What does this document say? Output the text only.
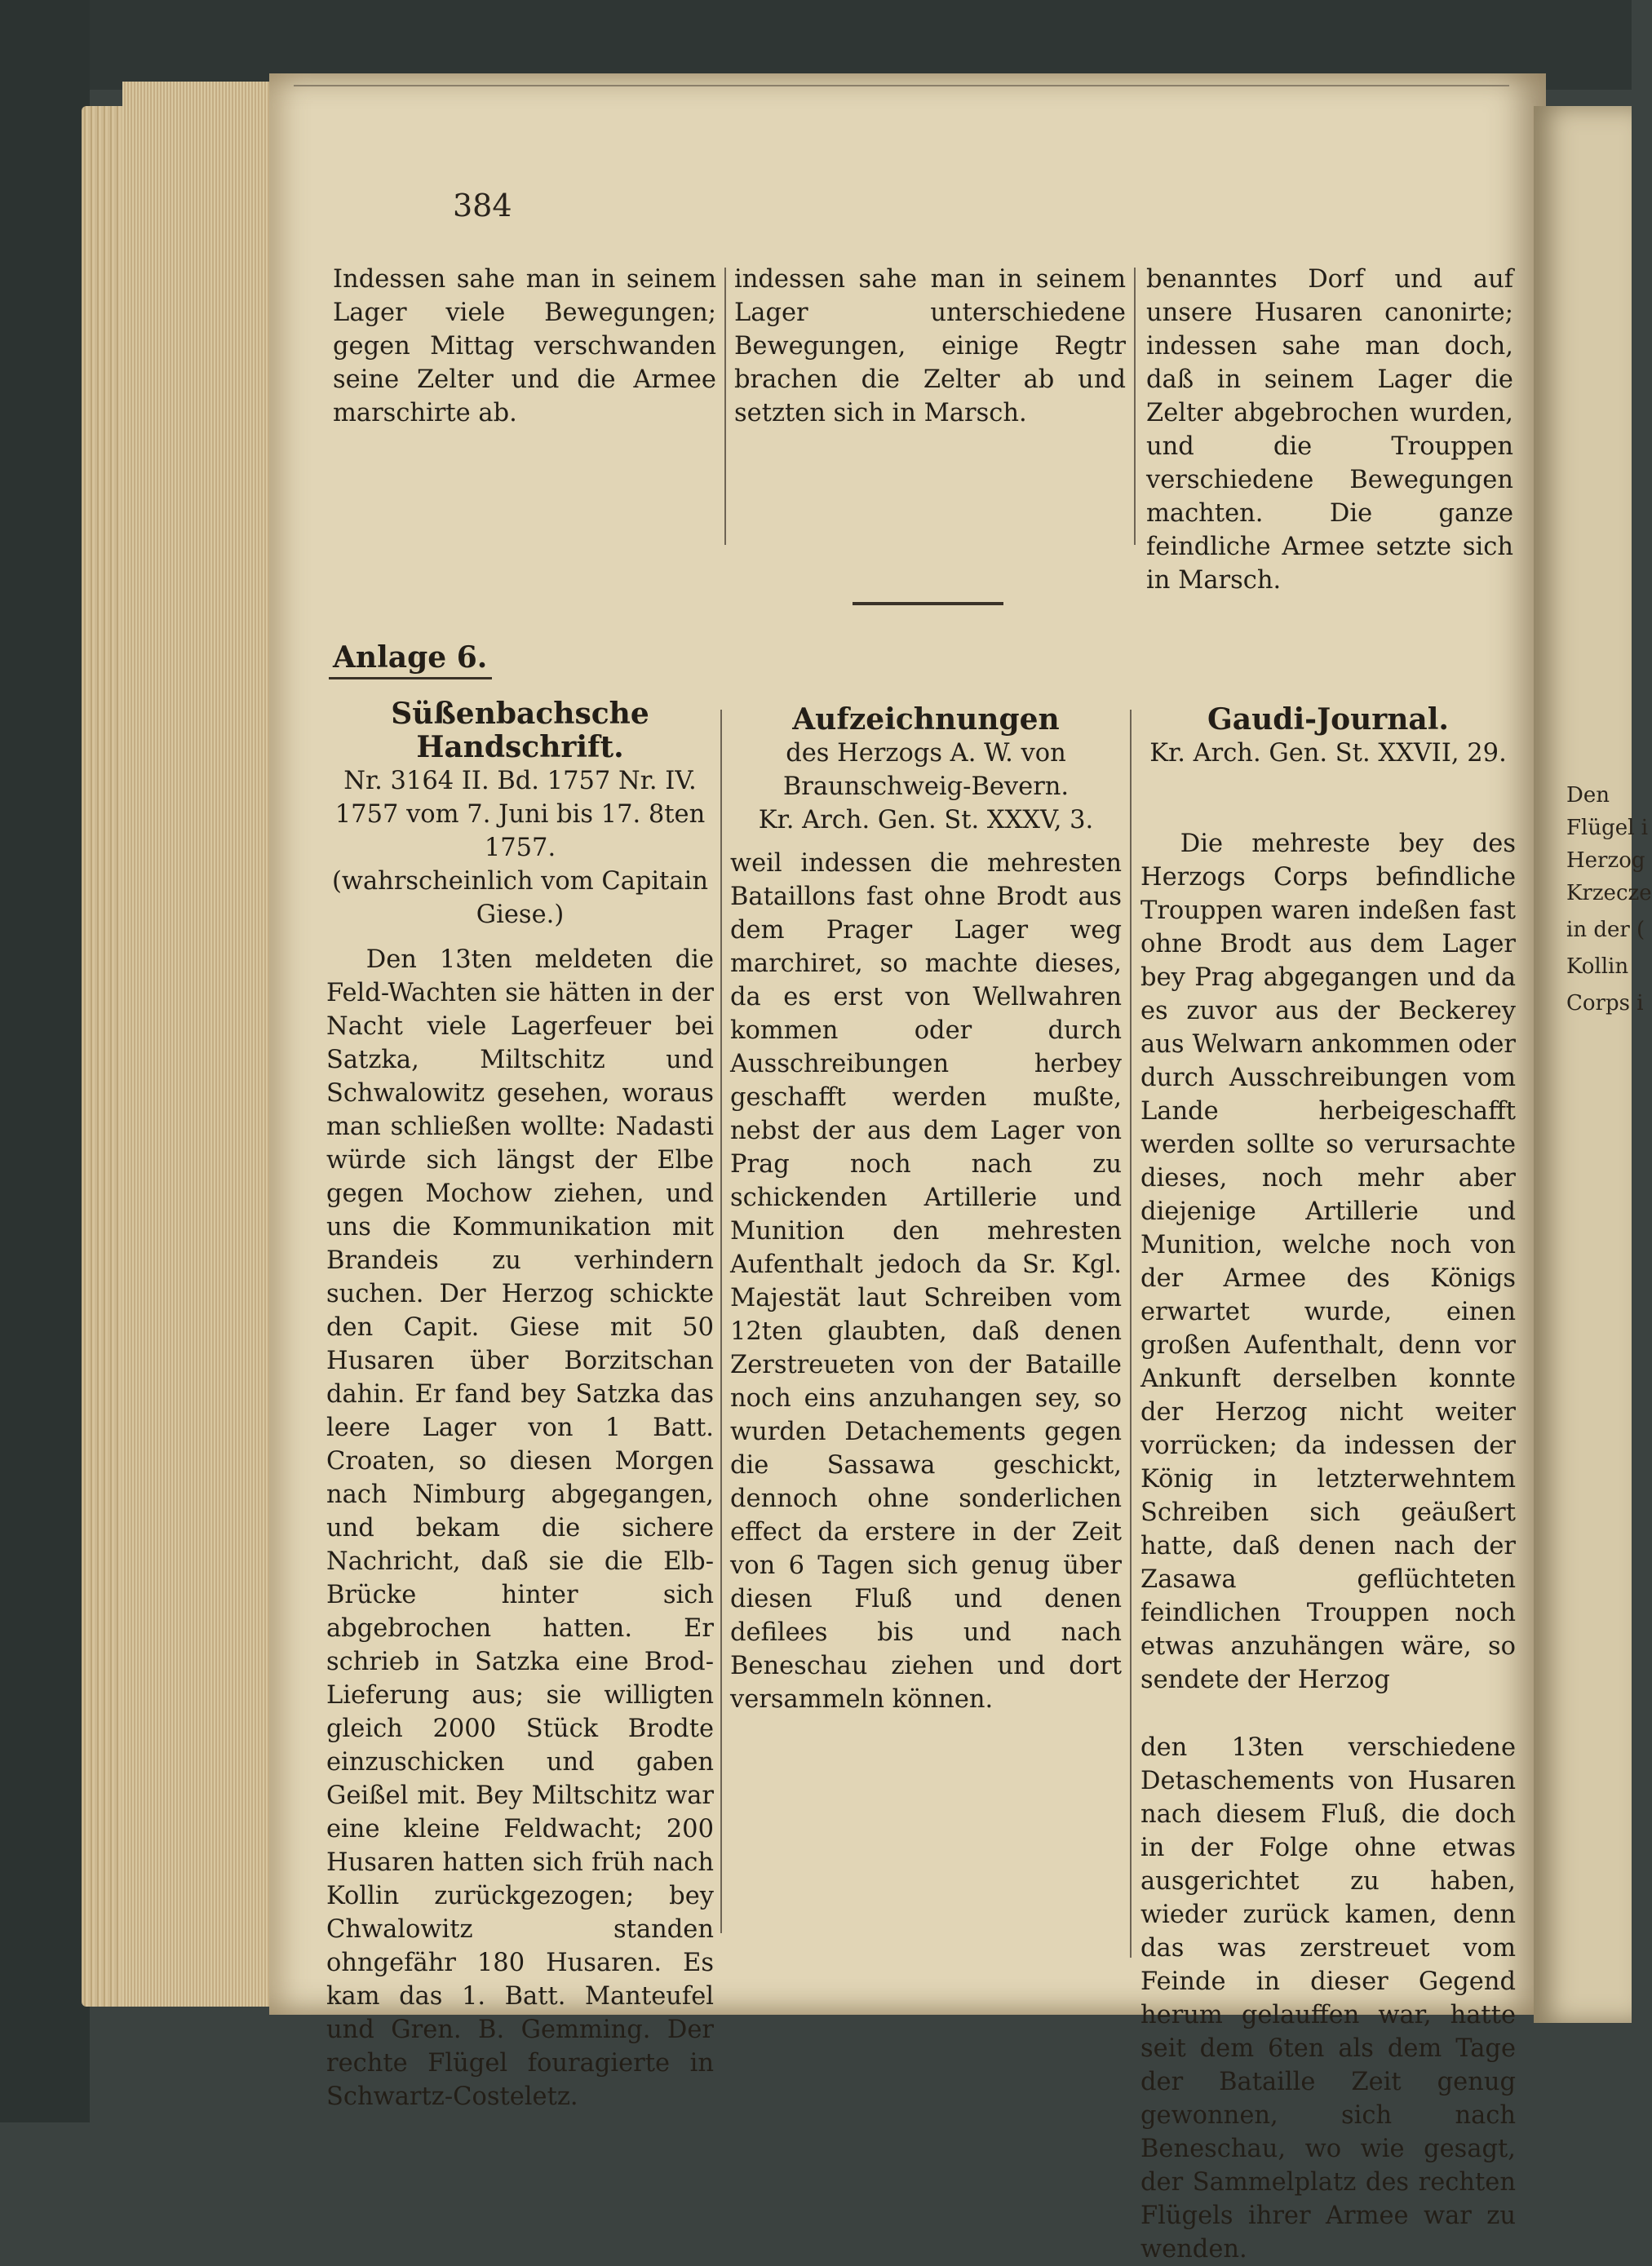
Den
Flügel i
Herzog
Krzecze
in der (
Kollin
Corps i
384

Indessen sahe man in seinem Lager viele Bewegungen; gegen Mittag verschwanden seine Zelter und die Armee marschirte ab.

indessen sahe man in seinem Lager unterschiedene Bewegungen, einige Regtr brachen die Zelter ab und setzten sich in Marsch.

benanntes Dorf und auf unsere Husaren canonirte; indessen sahe man doch, daß in seinem Lager die Zelter abgebrochen wurden, und die Trouppen verschiedene Bewegungen machten. Die ganze feindliche Armee setzte sich in Marsch.

Anlage 6.
Süßenbachsche Handschrift.
Nr. 3164 II. Bd. 1757 Nr. IV.
1757 vom 7. Juni bis 17. 8ten 1757.
(wahrscheinlich vom Capitain Giese.)

Den 13ten meldeten die Feld-Wachten sie hätten in der Nacht viele Lagerfeuer bei Satzka, Miltschitz und Schwalowitz gesehen, woraus man schließen wollte: Nadasti würde sich längst der Elbe gegen Mochow ziehen, und uns die Kommunikation mit Brandeis zu verhindern suchen. Der Herzog schickte den Capit. Giese mit 50 Husaren über Borzitschan dahin. Er fand bey Satzka das leere Lager von 1 Batt. Croaten, so diesen Morgen nach Nimburg abgegangen, und bekam die sichere Nachricht, daß sie die Elb-Brücke hinter sich abgebrochen hatten. Er schrieb in Satzka eine Brod-Lieferung aus; sie willigten gleich 2000 Stück Brodte einzuschicken und gaben Geißel mit. Bey Miltschitz war eine kleine Feldwacht; 200 Husaren hatten sich früh nach Kollin zurückgezogen; bey Chwalowitz standen ohngefähr 180 Husaren. Es kam das 1. Batt. Manteufel und Gren. B. Gemming. Der rechte Flügel fouragierte in Schwartz-Costeletz.

Aufzeichnungen
des Herzogs A. W. von Braunschweig-Bevern.
Kr. Arch. Gen. St. XXXV, 3.

weil indessen die mehresten Bataillons fast ohne Brodt aus dem Prager Lager weg marchiret, so machte dieses, da es erst von Wellwahren kommen oder durch Ausschreibungen herbey geschafft werden mußte, nebst der aus dem Lager von Prag noch nach zu schickenden Artillerie und Munition den mehresten Aufenthalt jedoch da Sr. Kgl. Majestät laut Schreiben vom 12ten glaubten, daß denen Zerstreueten von der Bataille noch eins anzuhangen sey, so wurden Detachements gegen die Sassawa geschickt, dennoch ohne sonderlichen effect da erstere in der Zeit von 6 Tagen sich genug über diesen Fluß und denen defilees bis und nach Beneschau ziehen und dort versammeln können.

Gaudi-Journal.
Kr. Arch. Gen. St. XXVII, 29.

Die mehreste bey des Herzogs Corps befindliche Trouppen waren indeßen fast ohne Brodt aus dem Lager bey Prag abgegangen und da es zuvor aus der Beckerey aus Welwarn ankommen oder durch Ausschreibungen vom Lande herbeigeschafft werden sollte so verursachte dieses, noch mehr aber diejenige Artillerie und Munition, welche noch von der Armee des Königs erwartet wurde, einen großen Aufenthalt, denn vor Ankunft derselben konnte der Herzog nicht weiter vorrücken; da indessen der König in letzterwehntem Schreiben sich geäußert hatte, daß denen nach der Zasawa geflüchteten feindlichen Trouppen noch etwas anzuhängen wäre, so sendete der Herzog

den 13ten verschiedene Detaschements von Husaren nach diesem Fluß, die doch in der Folge ohne etwas ausgerichtet zu haben, wieder zurück kamen, denn das was zerstreuet vom Feinde in dieser Gegend herum gelauffen war, hatte seit dem 6ten als dem Tage der Bataille Zeit genug gewonnen, sich nach Beneschau, wo wie gesagt, der Sammelplatz des rechten Flügels ihrer Armee war zu wenden.
